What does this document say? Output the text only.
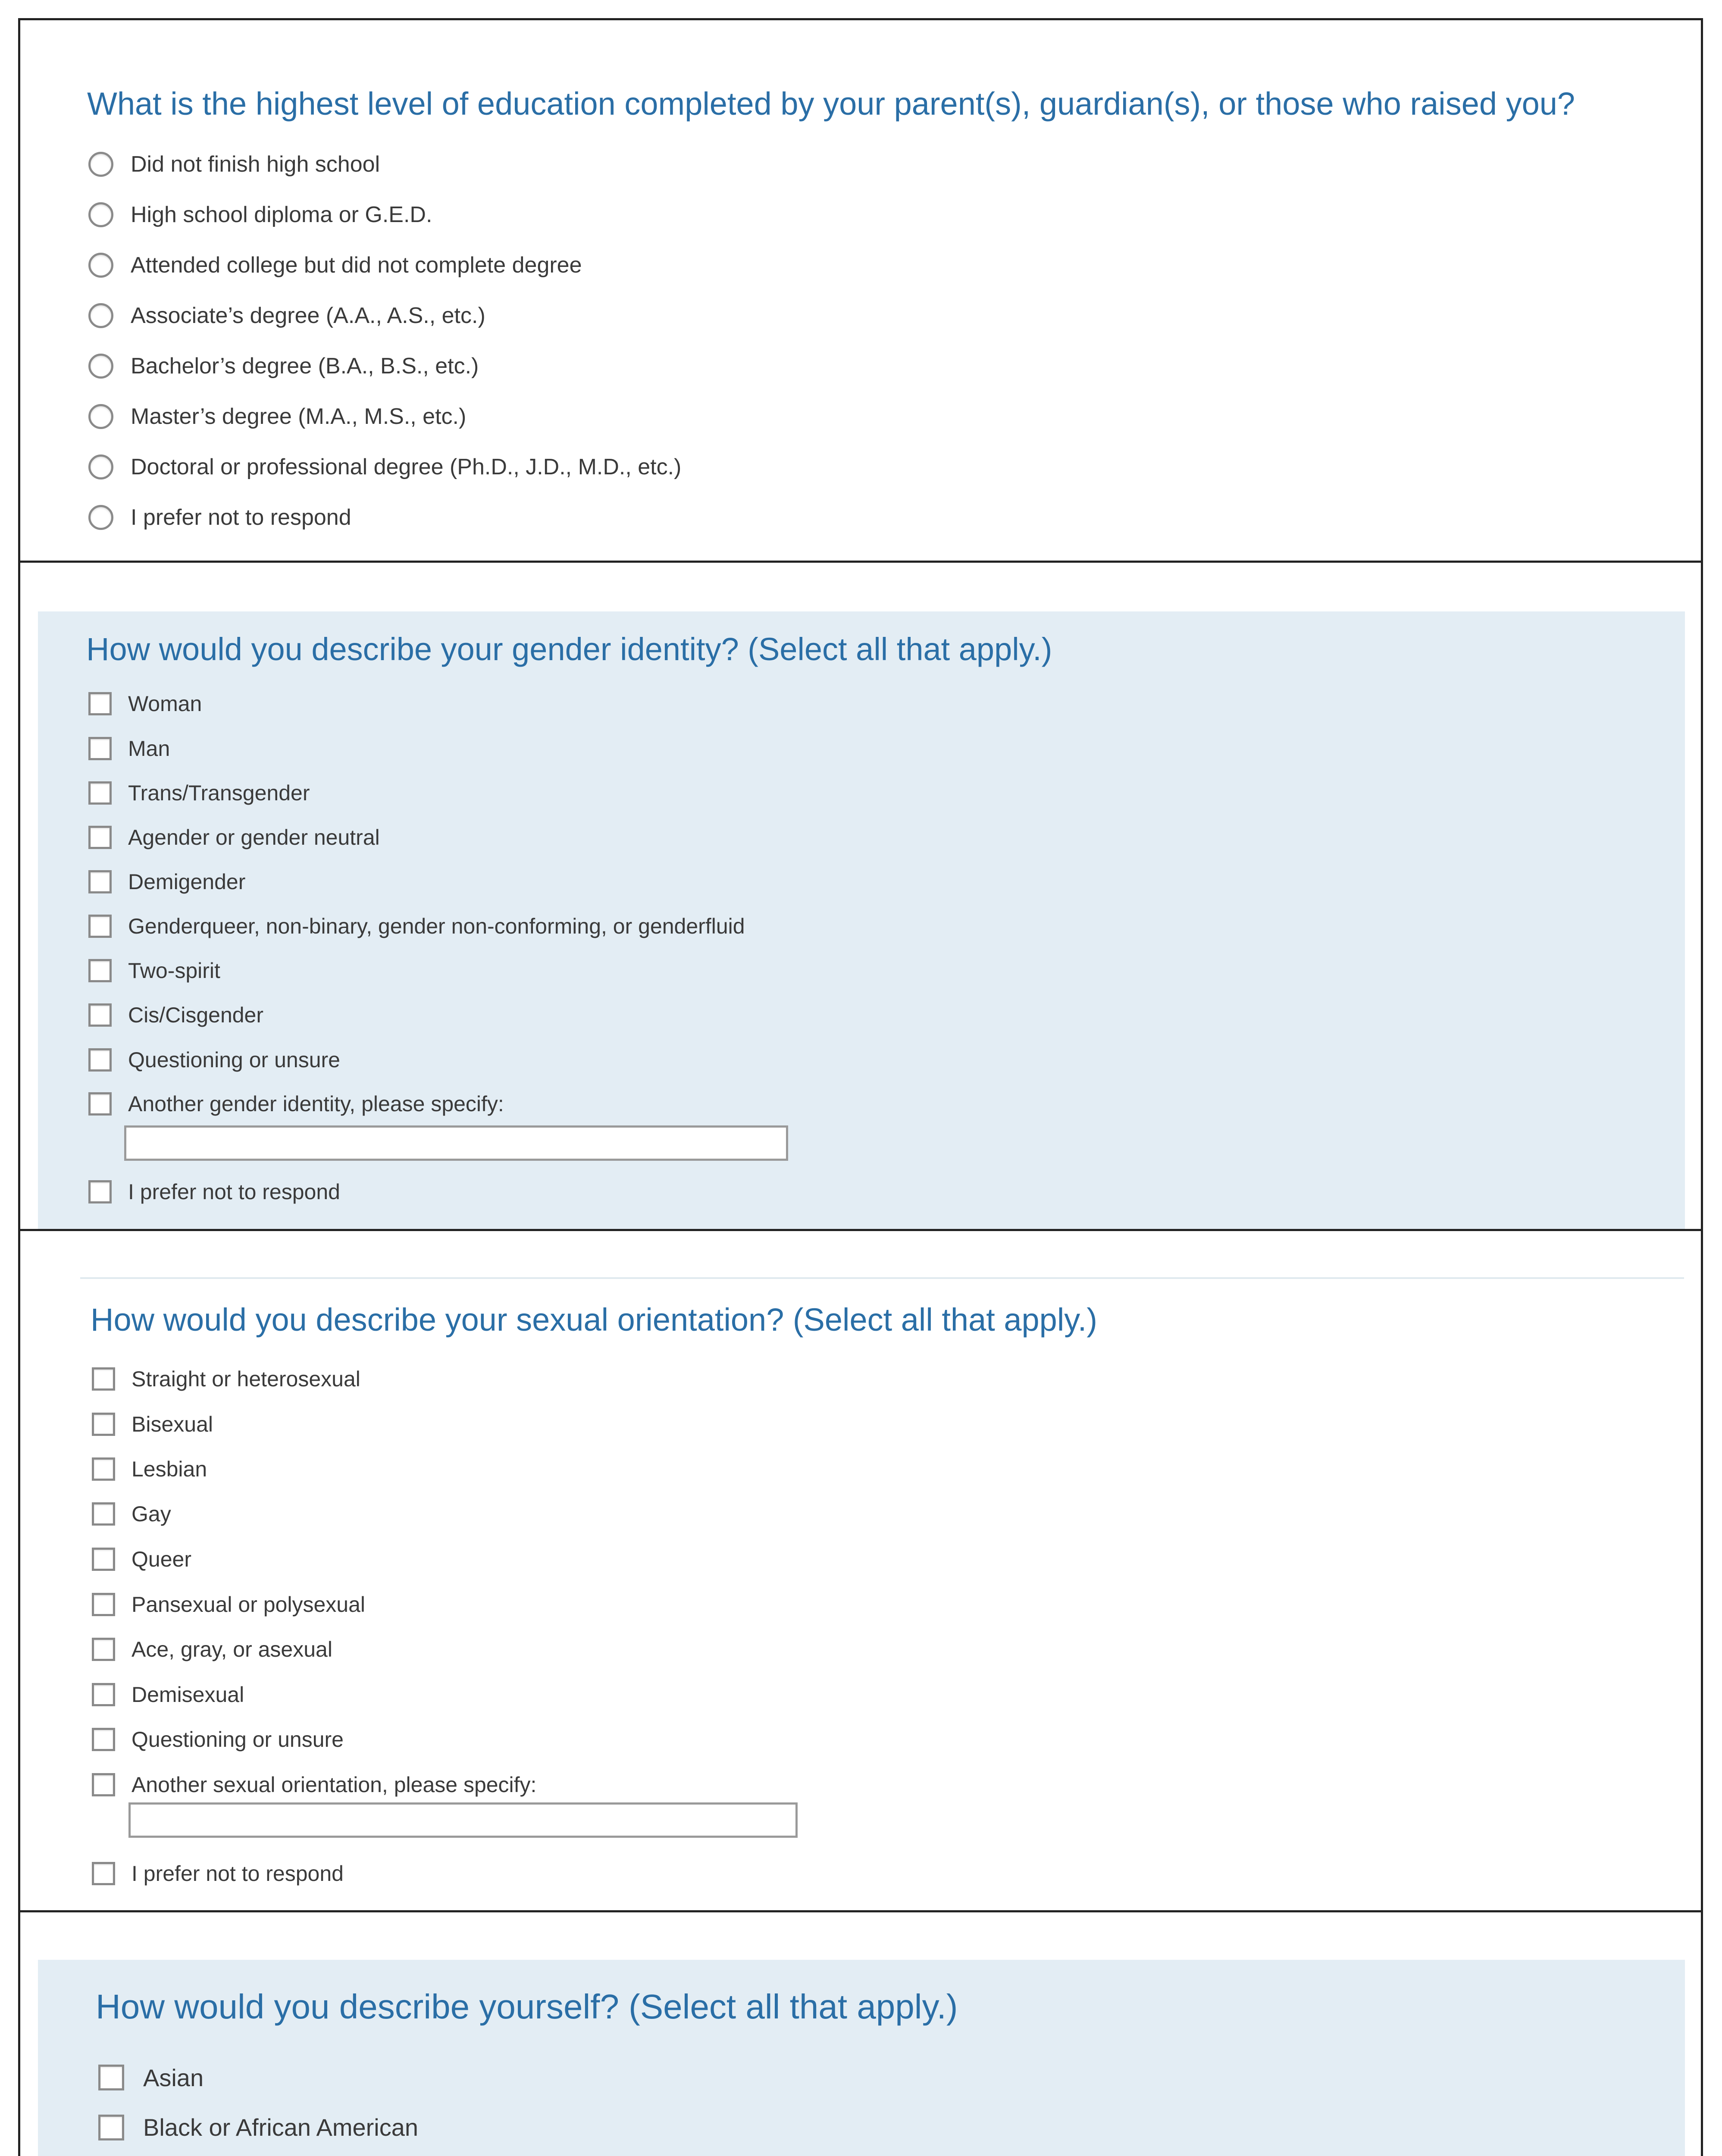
What is the highest level of education completed by your parent(s), guardian(s), or those who raised you?
Did not finish high school
High school diploma or G.E.D.
Attended college but did not complete degree
Associate’s degree (A.A., A.S., etc.)
Bachelor’s degree (B.A., B.S., etc.)
Master’s degree (M.A., M.S., etc.)
Doctoral or professional degree (Ph.D., J.D., M.D., etc.)
I prefer not to respond
Woman
Man
Trans/Transgender
Agender or gender neutral
Demigender
Genderqueer, non-binary, gender non-conforming, or genderfluid
Two-spirit
Cis/Cisgender
Questioning or unsure
Another gender identity, please specify:
I prefer not to respond
Straight or heterosexual
Bisexual
Lesbian
Gay
Queer
Pansexual or polysexual
Ace, gray, or asexual
Demisexual
Questioning or unsure
Another sexual orientation, please specify:
I prefer not to respond
Asian
Black or African American
How would you describe your gender identity? (Select all that apply.)
How would you describe your sexual orientation? (Select all that apply.)
How would you describe yourself? (Select all that apply.)
